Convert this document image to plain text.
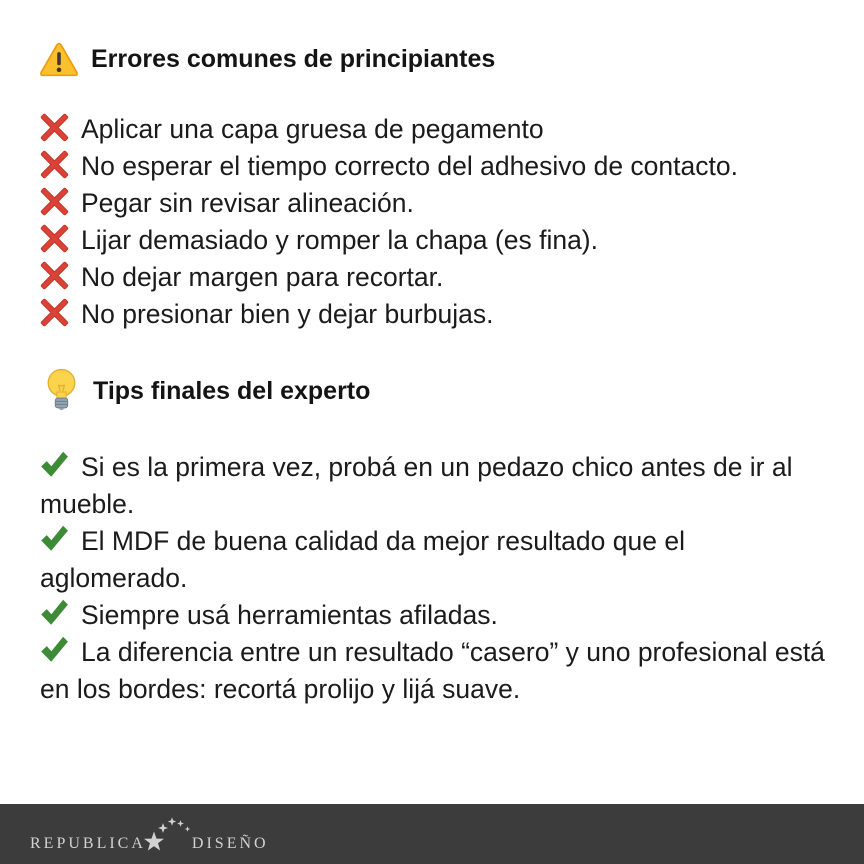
Errores comunes de principiantes
Aplicar una capa gruesa de pegamento
No esperar el tiempo correcto del adhesivo de contacto.
Pegar sin revisar alineación.
Lijar demasiado y romper la chapa (es fina).
No dejar margen para recortar.
No presionar bien y dejar burbujas.
Tips finales del experto
Si es la primera vez, probá en un pedazo chico antes de ir al mueble.
El MDF de buena calidad da mejor resultado que el aglomerado.
Siempre usá herramientas afiladas.
La diferencia entre un resultado “casero” y uno profesional está en los bordes: recortá prolijo y lijá suave.
REPUBLICA	DISEÑO
